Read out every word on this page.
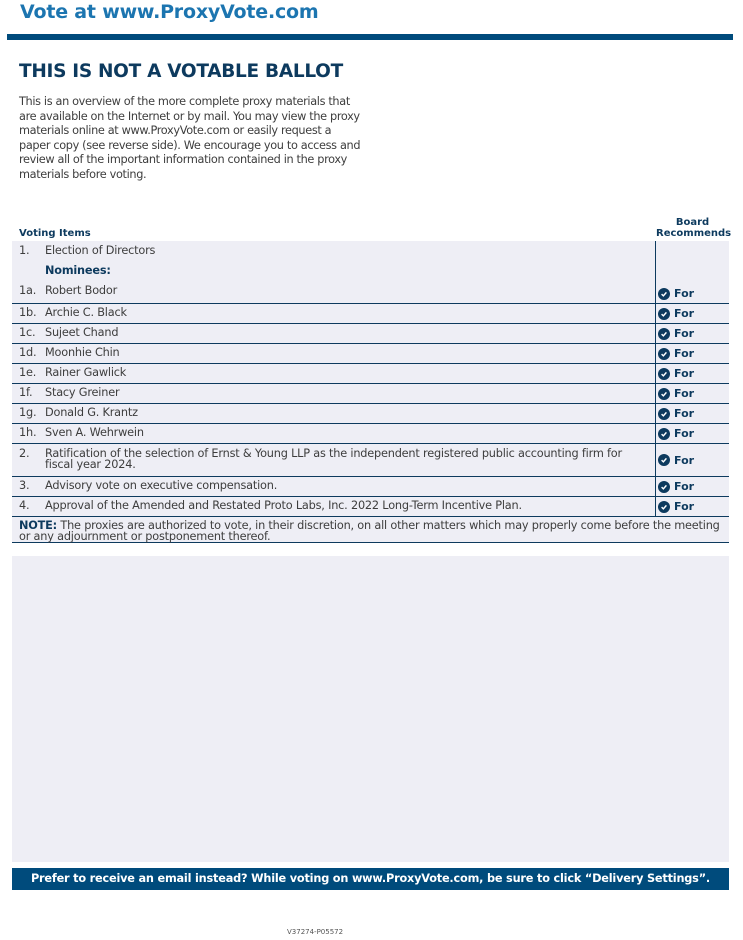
Vote at www.ProxyVote.com
THIS IS NOT A VOTABLE BALLOT

This is an overview of the more complete proxy materials that are available on the Internet or by mail. You may view the proxy materials online at www.ProxyVote.com or easily request a paper copy (see reverse side). We encourage you to access and review all of the important information contained in the proxy materials before voting.

Voting Items
Board
Recommends
1.	Election of Directors
Nominees:
1a. Robert Bodor	For
1b. Archie C. Black	For
1c. Sujeet Chand	For
1d. Moonhie Chin	For
1e. Rainer Gawlick	For
1f.	Stacy Greiner	For
1g. Donald G. Krantz	For
1h. Sven A. Wehrwein	For
2.	Ratification of the selection of Ernst & Young LLP as the independent registered public accounting firm for fiscal year 2024.	For
3.	Advisory vote on executive compensation.	For
4.	Approval of the Amended and Restated Proto Labs, Inc. 2022 Long-Term Incentive Plan.	For
NOTE: The proxies are authorized to vote, in their discretion, on all other matters which may properly come before the meeting or any adjournment or postponement thereof.
Prefer to receive an email instead? While voting on www.ProxyVote.com, be sure to click “Delivery Settings”.
V37274-P05572
